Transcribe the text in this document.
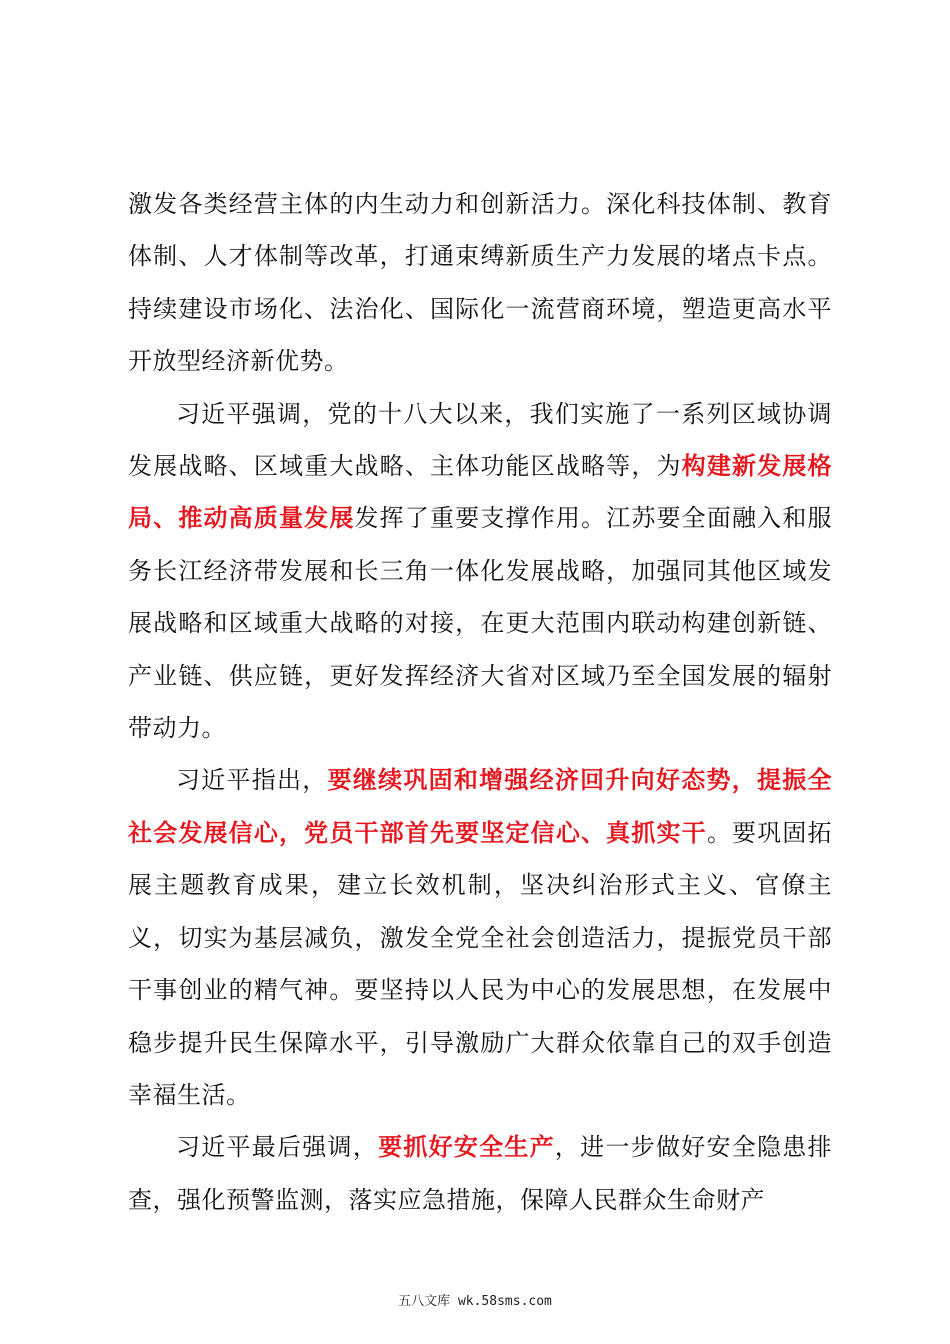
激发各类经营主体的内生动力和创新活力。深化科技体制、教育体制、人才体制等改革，打通束缚新质生产力发展的堵点卡点。持续建设市场化、法治化、国际化一流营商环境，塑造更高水平开放型经济新优势。

习近平强调，党的十八大以来，我们实施了一系列区域协调发展战略、区域重大战略、主体功能区战略等，为构建新发展格局、推动高质量发展发挥了重要支撑作用。江苏要全面融入和服务长江经济带发展和长三角一体化发展战略，加强同其他区域发展战略和区域重大战略的对接，在更大范围内联动构建创新链、产业链、供应链，更好发挥经济大省对区域乃至全国发展的辐射带动力。

习近平指出，要继续巩固和增强经济回升向好态势，提振全社会发展信心，党员干部首先要坚定信心、真抓实干。要巩固拓展主题教育成果，建立长效机制，坚决纠治形式主义、官僚主义，切实为基层减负，激发全党全社会创造活力，提振党员干部干事创业的精气神。要坚持以人民为中心的发展思想，在发展中稳步提升民生保障水平，引导激励广大群众依靠自己的双手创造幸福生活。

习近平最后强调，要抓好安全生产，进一步做好安全隐患排查，强化预警监测，落实应急措施，保障人民群众生命财产

五八文库 wk.58sms.com
